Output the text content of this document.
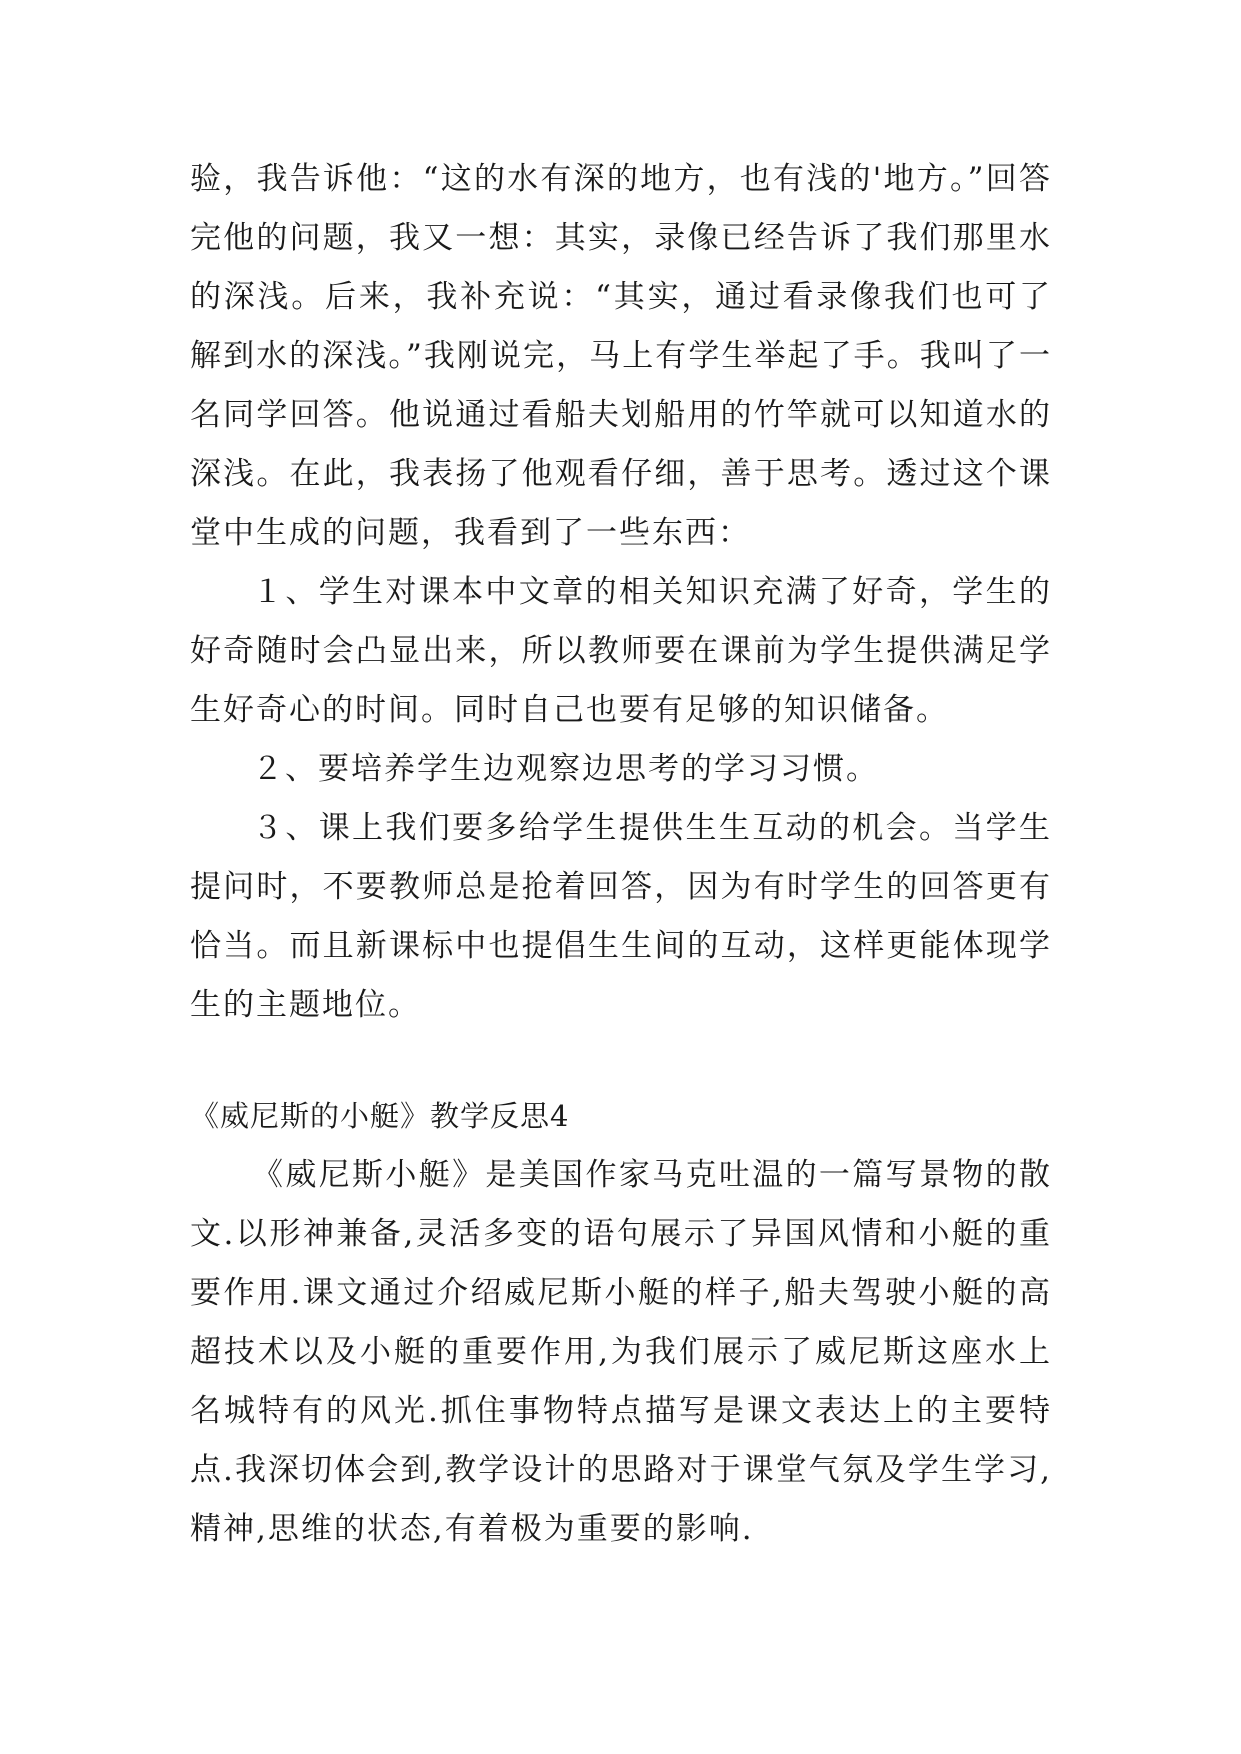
验，我告诉他：“这的水有深的地方，也有浅的'地方。”回答完他的问题，我又一想：其实，录像已经告诉了我们那里水的深浅。后来，我补充说：“其实，通过看录像我们也可了解到水的深浅。”我刚说完，马上有学生举起了手。我叫了一名同学回答。他说通过看船夫划船用的竹竿就可以知道水的深浅。在此，我表扬了他观看仔细，善于思考。透过这个课堂中生成的问题，我看到了一些东西：

１、学生对课本中文章的相关知识充满了好奇，学生的好奇随时会凸显出来，所以教师要在课前为学生提供满足学生好奇心的时间。同时自己也要有足够的知识储备。

２、要培养学生边观察边思考的学习习惯。

３、课上我们要多给学生提供生生互动的机会。当学生提问时，不要教师总是抢着回答，因为有时学生的回答更有恰当。而且新课标中也提倡生生间的互动，这样更能体现学生的主题地位。

《威尼斯的小艇》教学反思4

《威尼斯小艇》是美国作家马克吐温的一篇写景物的散文.以形神兼备,灵活多变的语句展示了异国风情和小艇的重要作用.课文通过介绍威尼斯小艇的样子,船夫驾驶小艇的高超技术以及小艇的重要作用,为我们展示了威尼斯这座水上名城特有的风光.抓住事物特点描写是课文表达上的主要特点.我深切体会到,教学设计的思路对于课堂气氛及学生学习,精神,思维的状态,有着极为重要的影响.
